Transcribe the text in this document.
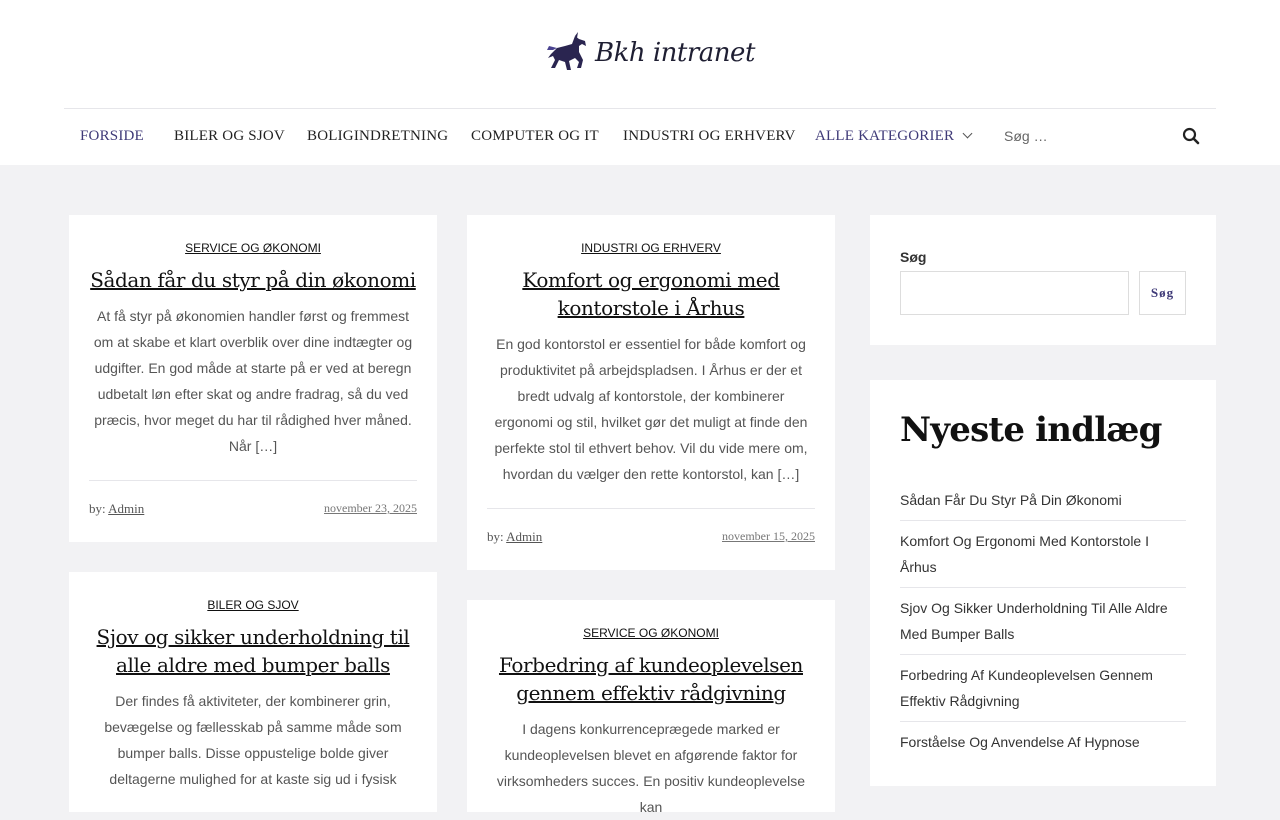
Bkh intranet
FORSIDE BILER OG SJOV BOLIGINDRETNING COMPUTER OG IT INDUSTRI OG ERHVERV ALLE KATEGORIER
Søg …
SERVICE OG ØKONOMI
Sådan får du styr på din økonomi

At få styr på økonomien handler først og fremmest om at skabe et klart overblik over dine indtægter og udgifter. En god måde at starte på er ved at beregn udbetalt løn efter skat og andre fradrag, så du ved præcis, hvor meget du har til rådighed hver måned. Når […]

by: Admin	november 23, 2025
INDUSTRI OG ERHVERV
Komfort og ergonomi med kontorstole i Århus

En god kontorstol er essentiel for både komfort og produktivitet på arbejdspladsen. I Århus er der et bredt udvalg af kontorstole, der kombinerer ergonomi og stil, hvilket gør det muligt at finde den perfekte stol til ethvert behov. Vil du vide mere om, hvordan du vælger den rette kontorstol, kan […]

by: Admin	november 15, 2025
BILER OG SJOV
Sjov og sikker underholdning til alle aldre med bumper balls

Der findes få aktiviteter, der kombinerer grin, bevægelse og fællesskab på samme måde som bumper balls. Disse oppustelige bolde giver deltagerne mulighed for at kaste sig ud i fysisk

SERVICE OG ØKONOMI
Forbedring af kundeoplevelsen gennem effektiv rådgivning

I dagens konkurrenceprægede marked er kundeoplevelsen blevet en afgørende faktor for virksomheders succes. En positiv kundeoplevelse kan

Søg
Søg
Nyeste indlæg
Sådan Får Du Styr På Din Økonomi
Komfort Og Ergonomi Med Kontorstole I Århus
Sjov Og Sikker Underholdning Til Alle Aldre Med Bumper Balls
Forbedring Af Kundeoplevelsen Gennem Effektiv Rådgivning
Forståelse Og Anvendelse Af Hypnose
